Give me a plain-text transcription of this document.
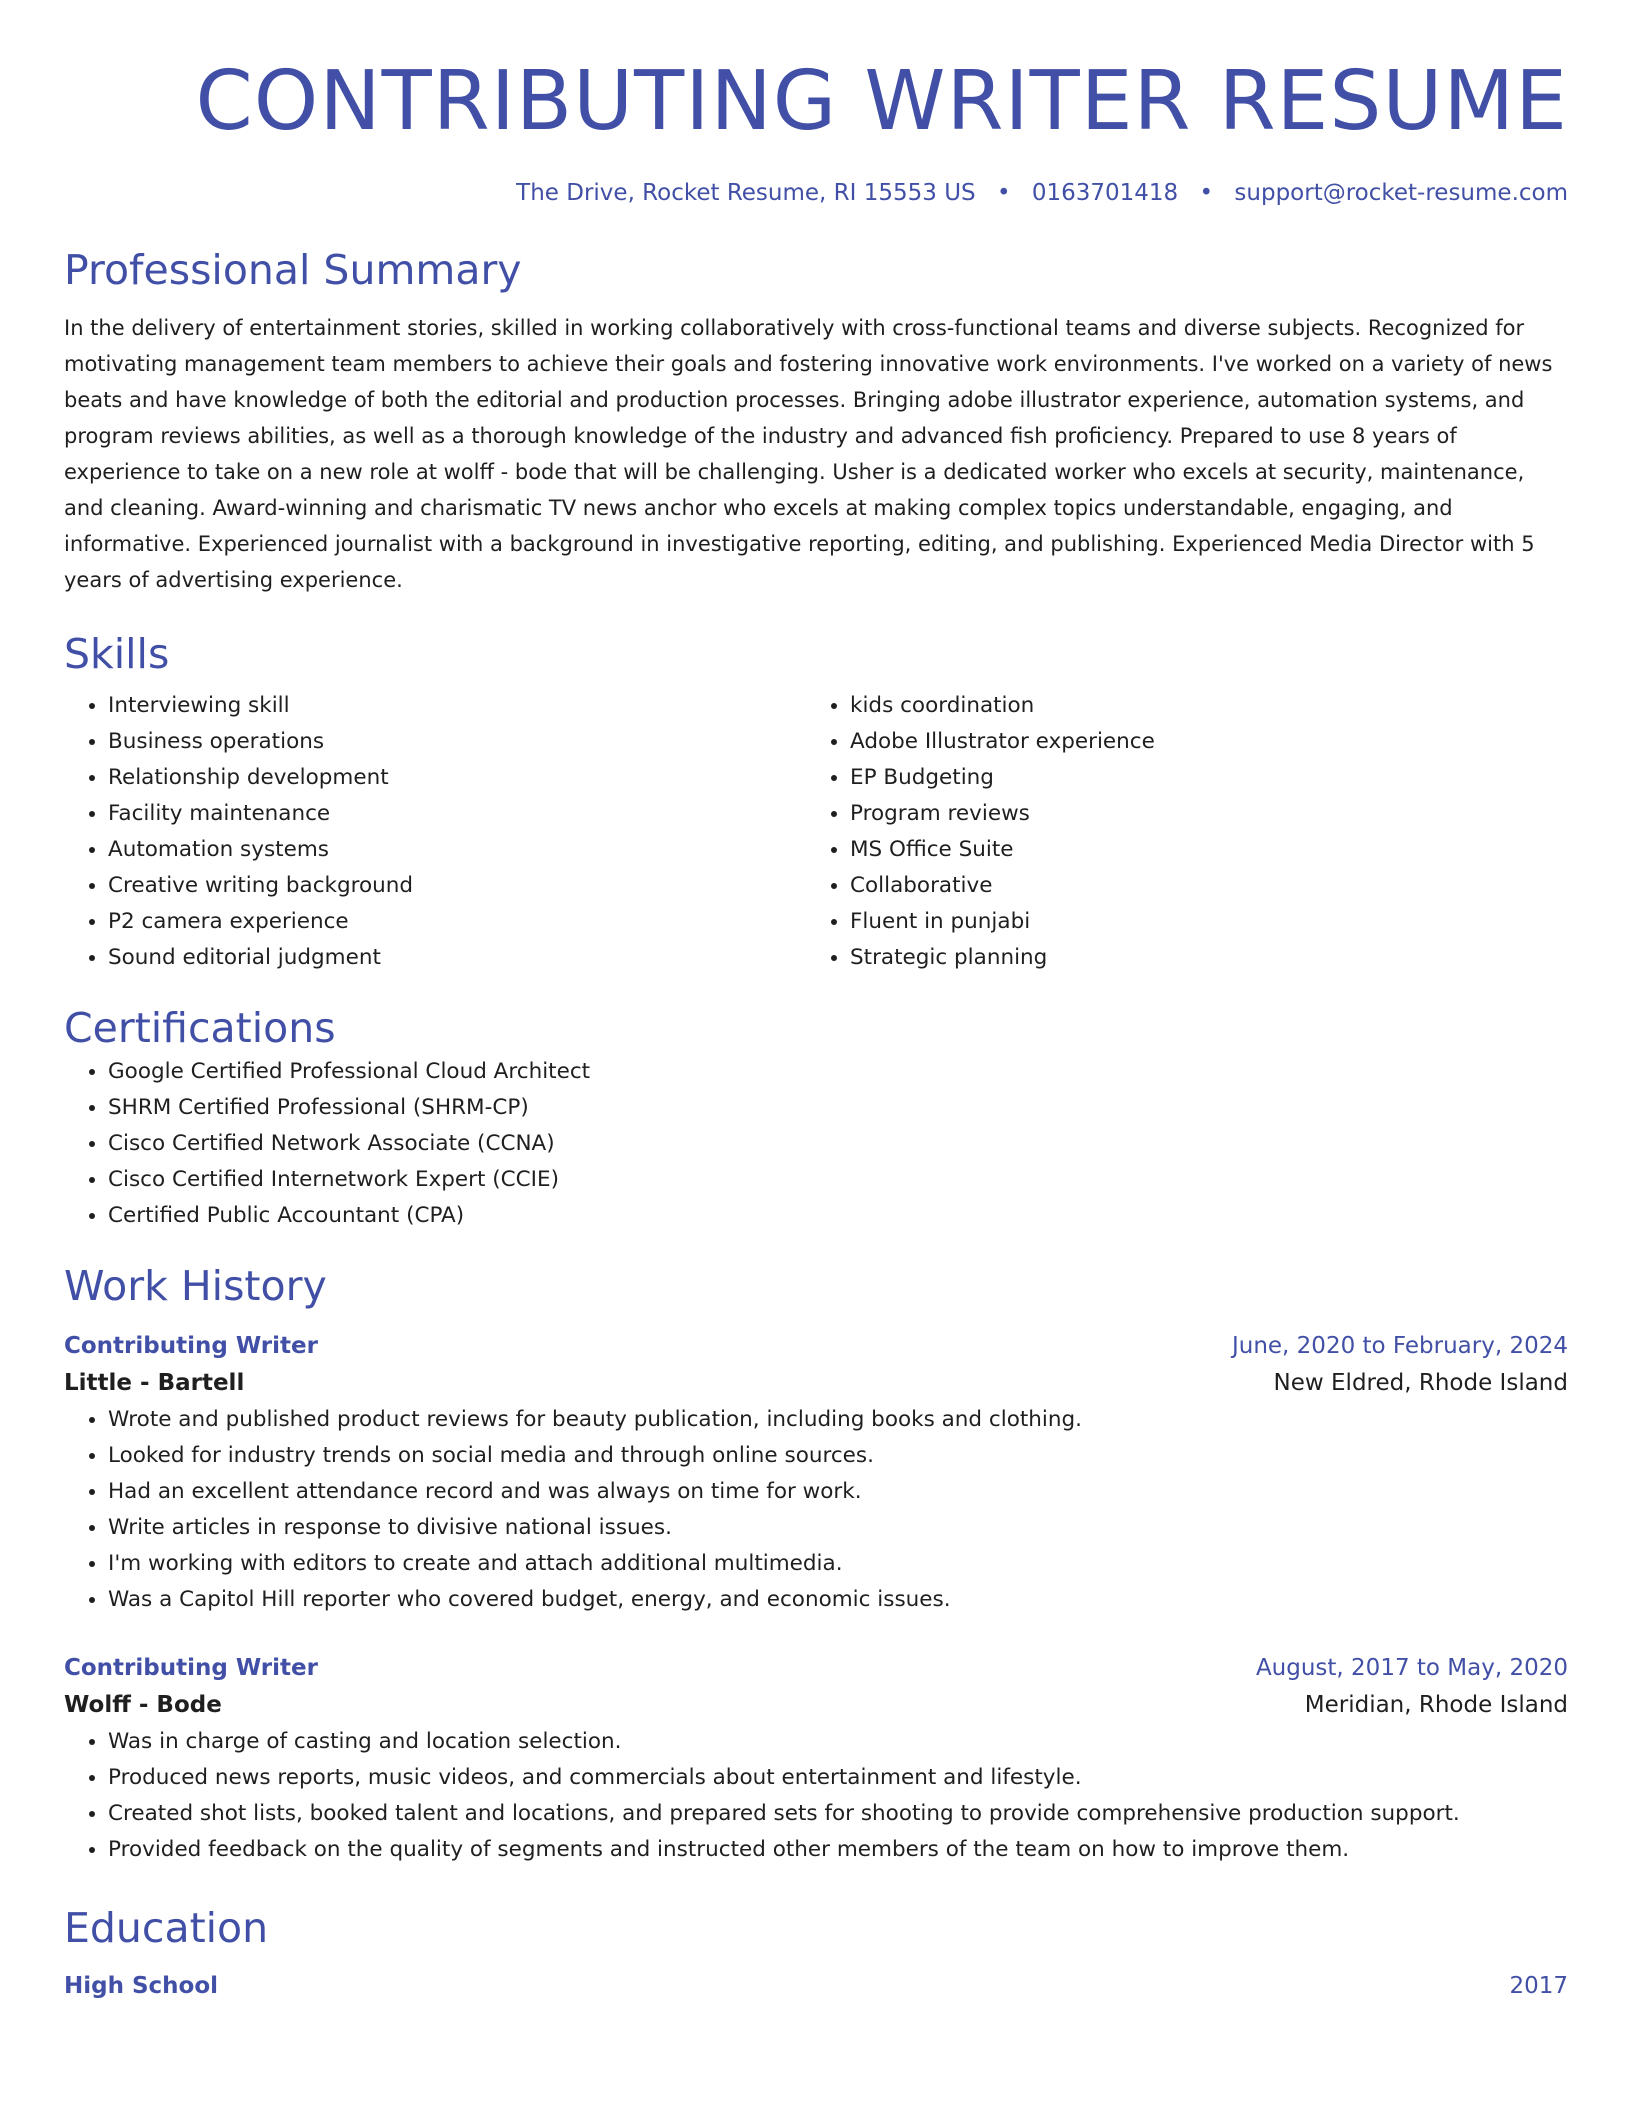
CONTRIBUTING WRITER RESUME
The Drive, Rocket Resume, RI 15553 US • 0163701418 • support@rocket-resume.com
Professional Summary

In the delivery of entertainment stories, skilled in working collaboratively with cross-functional teams and diverse subjects. Recognized for motivating management team members to achieve their goals and fostering innovative work environments. I've worked on a variety of news beats and have knowledge of both the editorial and production processes. Bringing adobe illustrator experience, automation systems, and program reviews abilities, as well as a thorough knowledge of the industry and advanced fish proficiency. Prepared to use 8 years of experience to take on a new role at wolff - bode that will be challenging. Usher is a dedicated worker who excels at security, maintenance, and cleaning. Award-winning and charismatic TV news anchor who excels at making complex topics understandable, engaging, and informative. Experienced journalist with a background in investigative reporting, editing, and publishing. Experienced Media Director with 5 years of advertising experience.

Skills
• Interviewing skill
• Business operations
• Relationship development
• Facility maintenance
• Automation systems
• Creative writing background
• P2 camera experience
• Sound editorial judgment
• kids coordination
• Adobe Illustrator experience
• EP Budgeting
• Program reviews
• MS Office Suite
• Collaborative
• Fluent in punjabi
• Strategic planning
Certifications
• Google Certified Professional Cloud Architect
• SHRM Certified Professional (SHRM-CP)
• Cisco Certified Network Associate (CCNA)
• Cisco Certified Internetwork Expert (CCIE)
• Certified Public Accountant (CPA)
Work History
Contributing Writer	June, 2020 to February, 2024
Little - Bartell	New Eldred, Rhode Island
• Wrote and published product reviews for beauty publication, including books and clothing.
• Looked for industry trends on social media and through online sources.
• Had an excellent attendance record and was always on time for work.
• Write articles in response to divisive national issues.
• I'm working with editors to create and attach additional multimedia.
• Was a Capitol Hill reporter who covered budget, energy, and economic issues.
Contributing Writer	August, 2017 to May, 2020
Wolff - Bode	Meridian, Rhode Island
• Was in charge of casting and location selection.
• Produced news reports, music videos, and commercials about entertainment and lifestyle.
• Created shot lists, booked talent and locations, and prepared sets for shooting to provide comprehensive production support.
• Provided feedback on the quality of segments and instructed other members of the team on how to improve them.
Education
High School	2017
